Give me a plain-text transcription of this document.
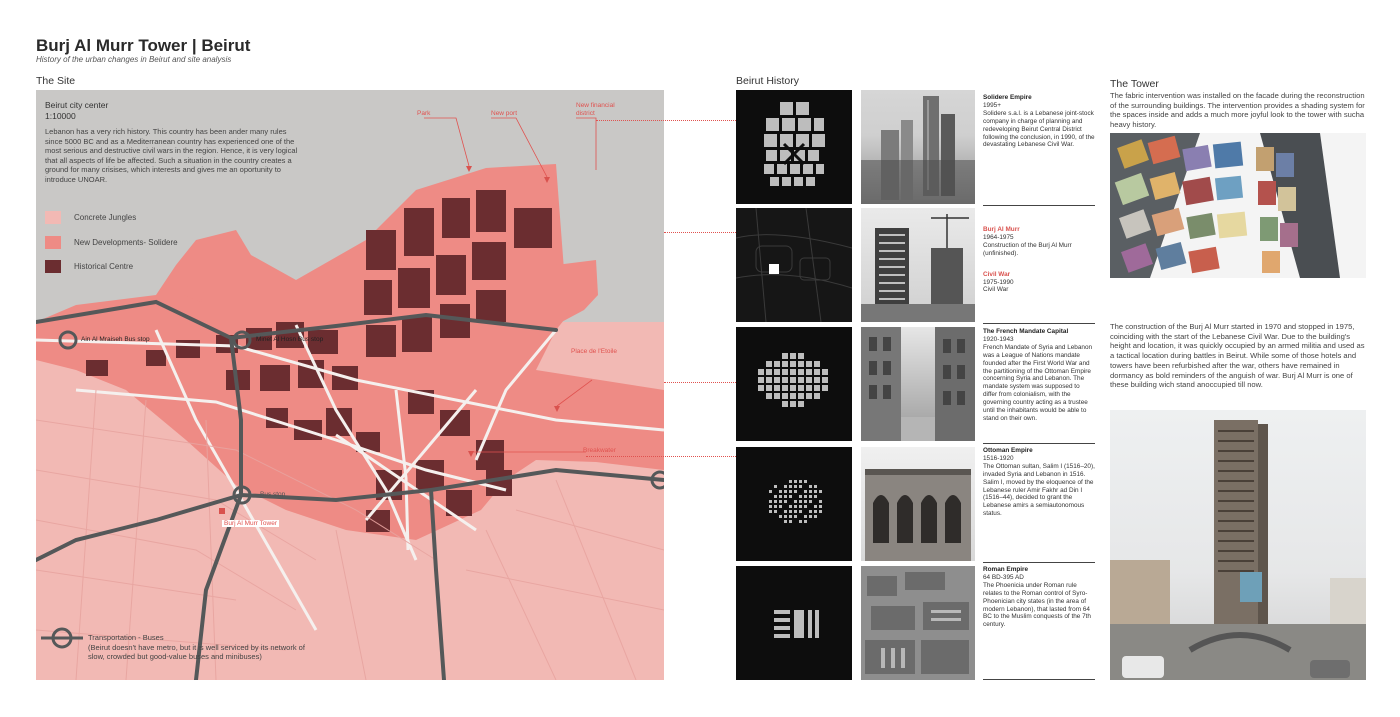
Burj Al Murr Tower | Beirut
History of the urban changes in Beirut and site analysis
The Site
Beirut city center
1:10000
Lebanon has a very rich history. This country has been ander many rules since 5000 BC and as a Mediterranean country has experienced one of the most serious and destructive civil wars in the region. Hence, it is very logical that all aspects of life be affected. Such a situation in the country creates a ground for many crisises, which interests and gives me an oportunity to introduce UNOAR.
Concrete Jungles
New Developments- Solidere
Historical Centre
Park	New port
New financial district
Place de l'Etoile
Breakwater
Burj Al Murr Tower
Ain Al Mraiseh Bus stop	Minet Al Hosn Bus stop
Bus stop
Transportation - Buses
(Beirut doesn't have metro, but it is well serviced by its network of slow, crowded but good-value buses and minibuses)
Beirut History
Solidere Empire
1995+
Solidere s.a.l. is a Lebanese joint-stock company in charge of planning and redeveloping Beirut Central District following the conclusion, in 1990, of the devastating Lebanese Civil War.
Burj Al Murr
1964-1975
Construction of the Burj Al Murr (unfinished).
Civil War
1975-1990
Civil War
The French Mandate Capital
1920-1943
French Mandate of Syria and Lebanon was a League of Nations mandate founded after the First World War and the partitioning of the Ottoman Empire concerning Syria and Lebanon. The mandate system was supposed to differ from colonialism, with the governing country acting as a trustee until the inhabitants would be able to stand on their own.
Ottoman Empire
1516-1920
The Ottoman sultan, Salim I (1516–20), invaded Syria and Lebanon in 1516. Salim I, moved by the eloquence of the Lebanese ruler Amir Fakhr ad Din I (1516–44), decided to grant the Lebanese amirs a semiautonomous status.
Roman Empire
64 BD-395 AD
The Phoenicia under Roman rule relates to the Roman control of Syro-Phoenician city states (in the area of modern Lebanon), that lasted from 64 BC to the Muslim conquests of the 7th century.
The Tower
The fabric intervention was installed on the facade during the reconstruction of the surrounding buildings. The intervention provides a shading system for the spaces inside and adds a much more joyful look to the tower with sucha heavy history.
The construction of the Burj Al Murr started in 1970 and stopped in 1975, coinciding with the start of the Lebanese Civil War. Due to the building's height and location, it was quickly occupied by an armed militia and used as a tactical location during battles in Beirut. While some of those hotels and towers have been refurbished after the war, others have remained in dormancy as bold reminders of the anguish of war. Burj Al Murr is one of these building wich stand anoccupied till now.
